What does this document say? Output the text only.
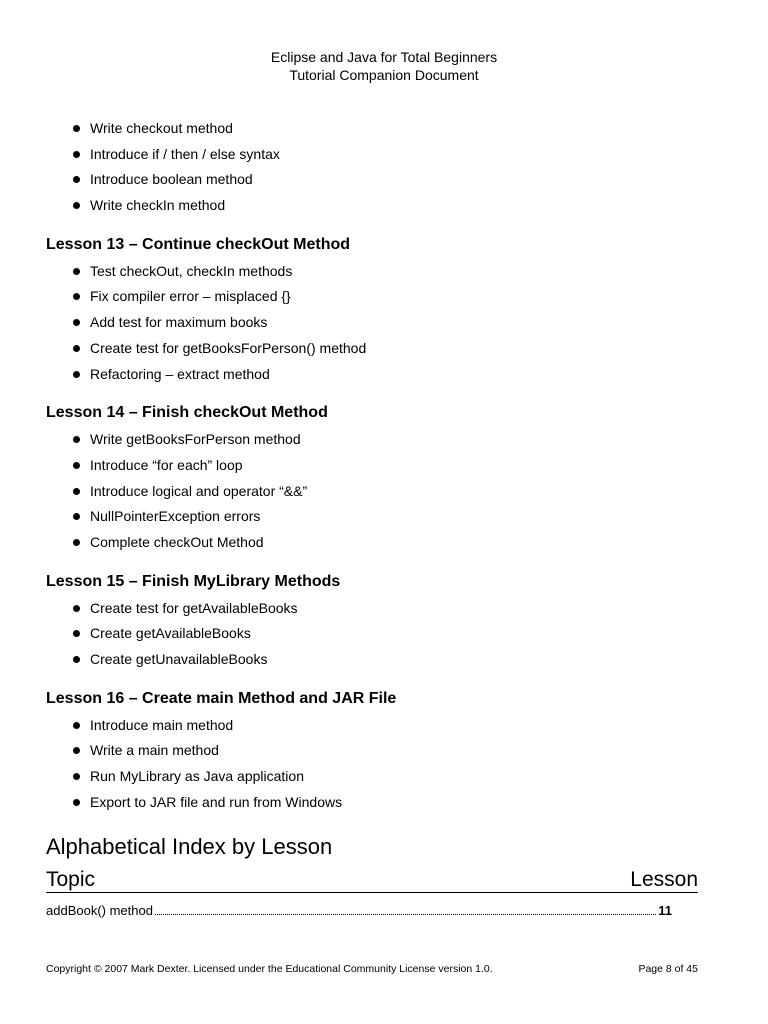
Eclipse and Java for Total Beginners
Tutorial Companion Document
Write checkout method
Introduce if / then / else syntax
Introduce boolean method
Write checkIn method
Lesson 13 – Continue checkOut Method
Test checkOut, checkIn methods
Fix compiler error – misplaced {}
Add test for maximum books
Create test for getBooksForPerson() method
Refactoring – extract method
Lesson 14 – Finish checkOut Method
Write getBooksForPerson method
Introduce “for each” loop
Introduce logical and operator “&&”
NullPointerException errors
Complete checkOut Method
Lesson 15 – Finish MyLibrary Methods
Create test for getAvailableBooks
Create getAvailableBooks
Create getUnavailableBooks
Lesson 16 – Create main Method and JAR File
Introduce main method
Write a main method
Run MyLibrary as Java application
Export to JAR file and run from Windows
Alphabetical Index by Lesson
Topic	Lesson
addBook() method	11
Copyright © 2007 Mark Dexter. Licensed under the Educational Community License version 1.0.	Page 8 of 45
